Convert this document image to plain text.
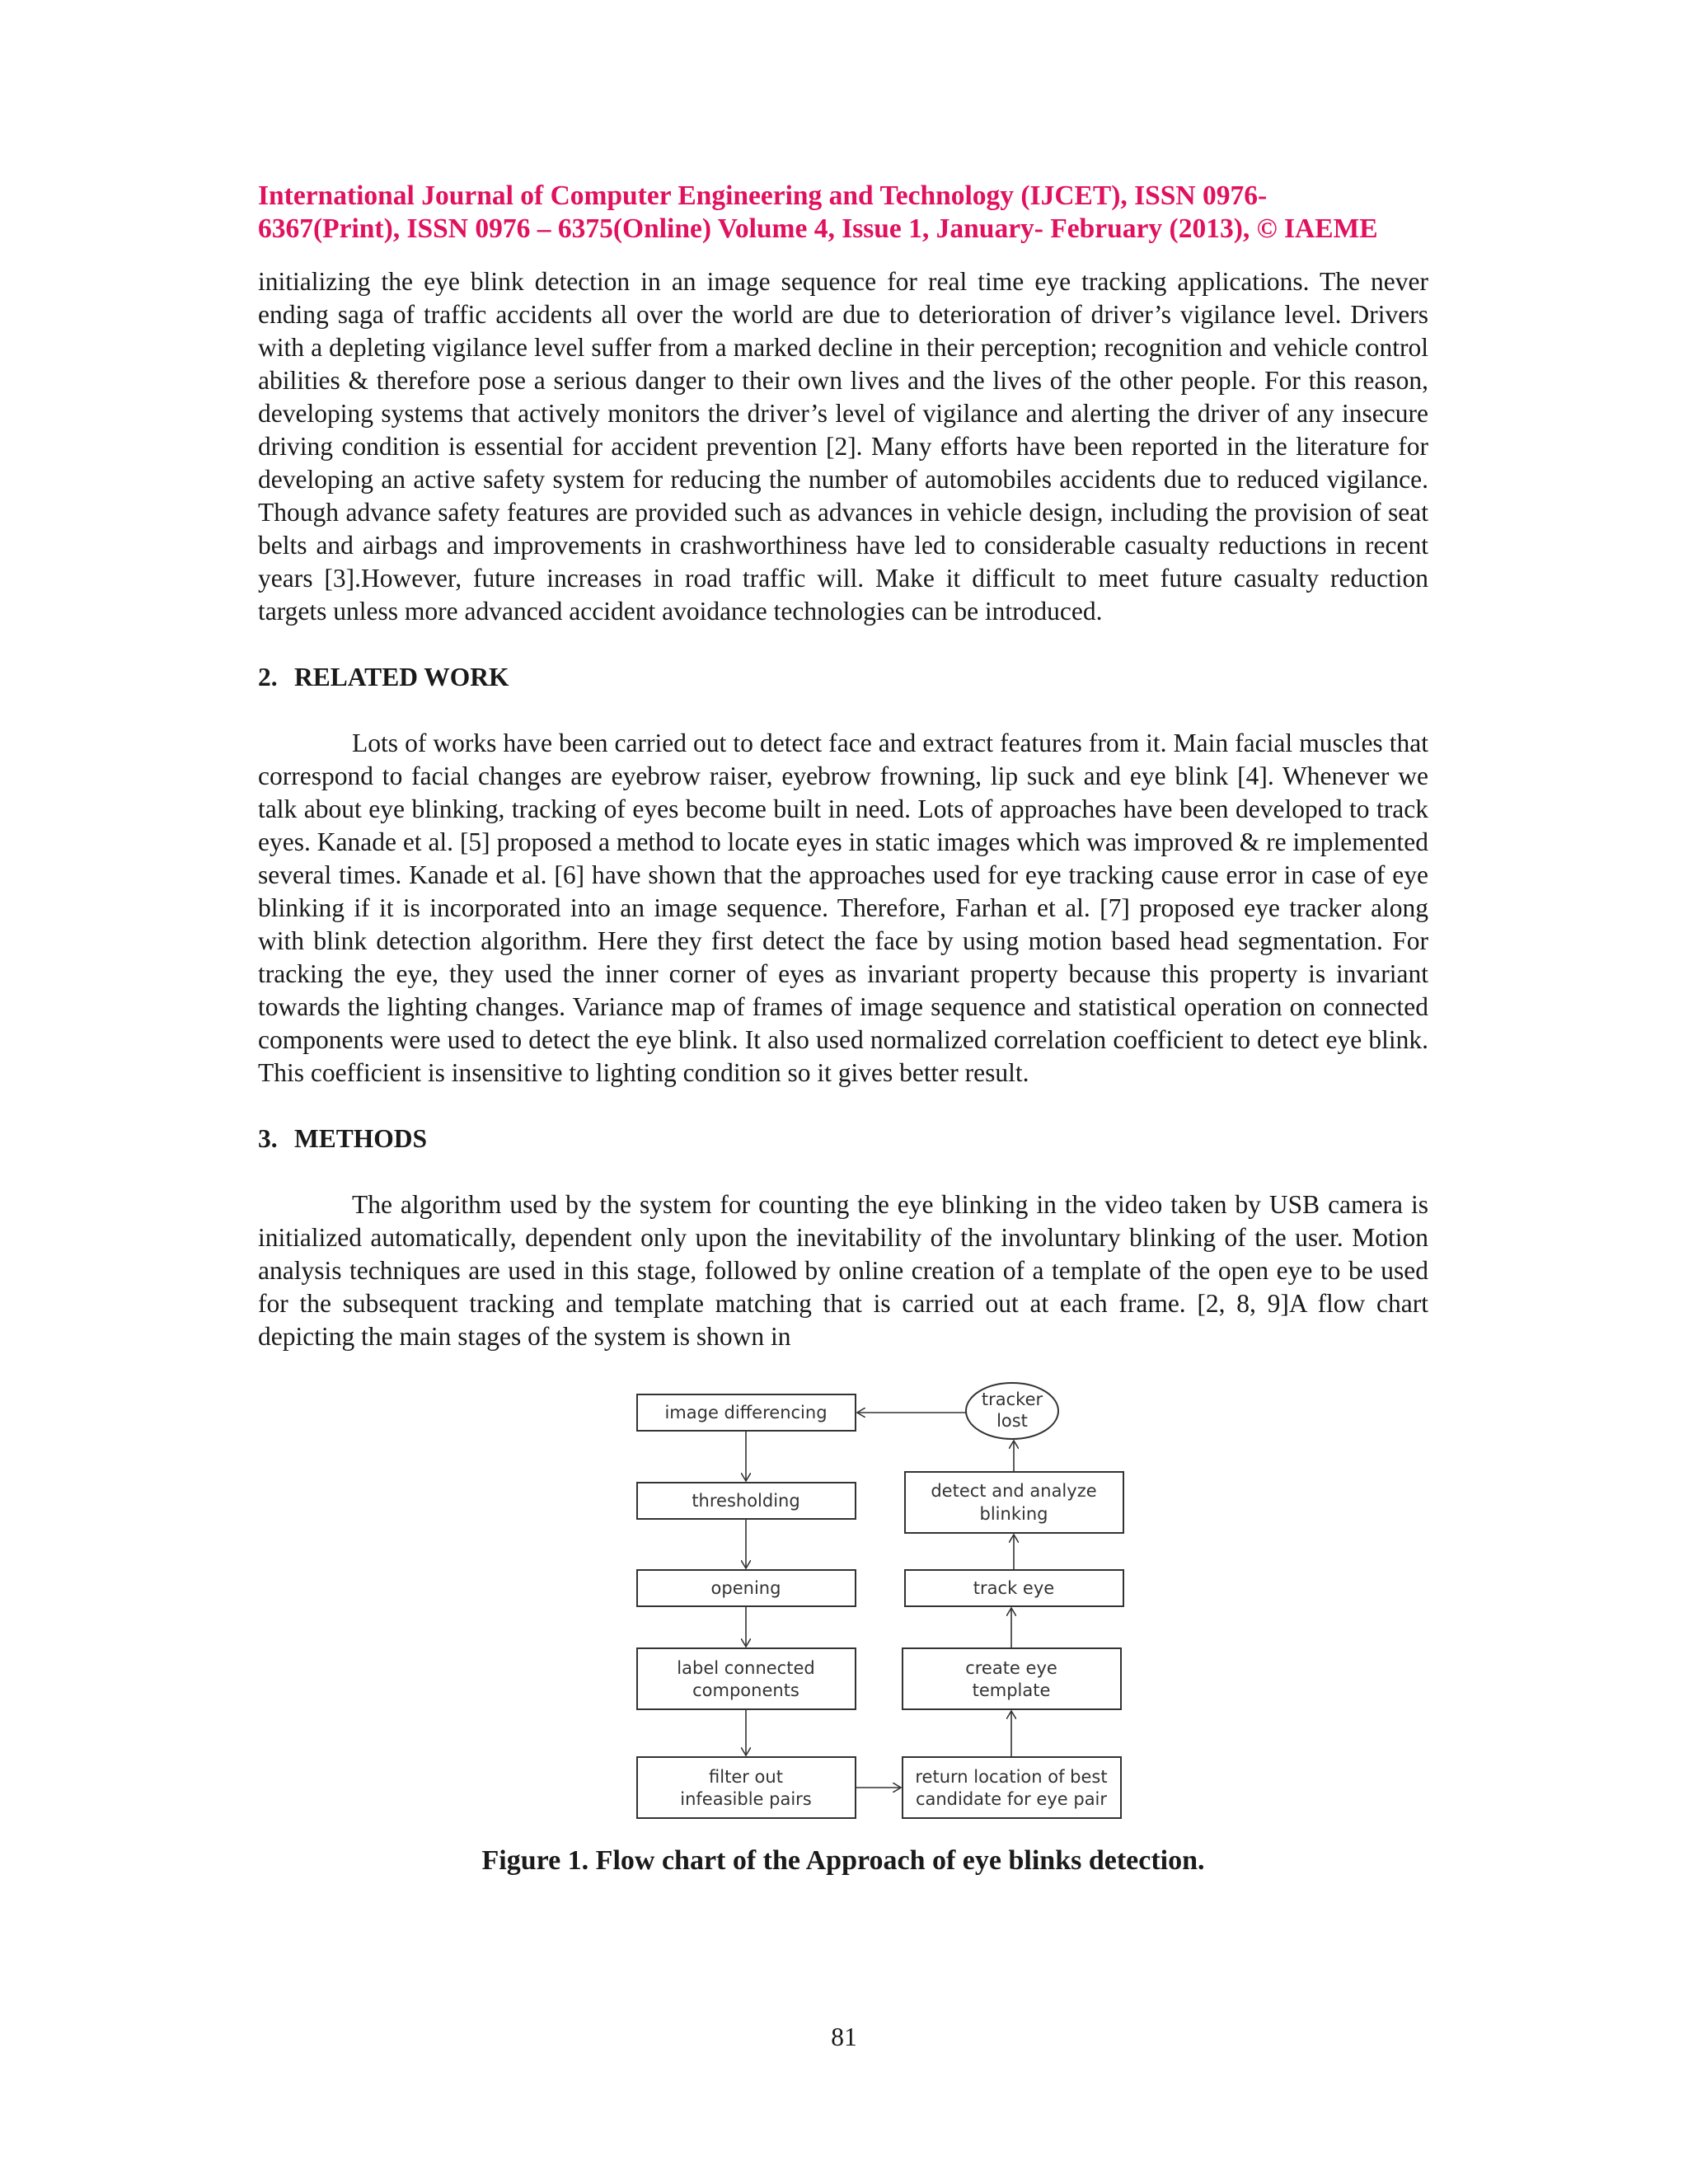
International Journal of Computer Engineering and Technology (IJCET), ISSN 0976-
6367(Print), ISSN 0976 – 6375(Online) Volume 4, Issue 1, January- February (2013), © IAEME

initializing the eye blink detection in an image sequence for real time eye tracking applications. The never ending saga of traffic accidents all over the world are due to deterioration of driver’s vigilance level. Drivers with a depleting vigilance level suffer from a marked decline in their perception; recognition and vehicle control abilities & therefore pose a serious danger to their own lives and the lives of the other people. For this reason, developing systems that actively monitors the driver’s level of vigilance and alerting the driver of any insecure driving condition is essential for accident prevention [2]. Many efforts have been reported in the literature for developing an active safety system for reducing the number of automobiles accidents due to reduced vigilance. Though advance safety features are provided such as advances in vehicle design, including the provision of seat belts and airbags and improvements in crashworthiness have led to considerable casualty reductions in recent years [3].However, future increases in road traffic will. Make it difficult to meet future casualty reduction targets unless more advanced accident avoidance technologies can be introduced.

2. RELATED WORK

Lots of works have been carried out to detect face and extract features from it. Main facial muscles that correspond to facial changes are eyebrow raiser, eyebrow frowning, lip suck and eye blink [4]. Whenever we talk about eye blinking, tracking of eyes become built in need. Lots of approaches have been developed to track eyes. Kanade et al. [5] proposed a method to locate eyes in static images which was improved & re implemented several times. Kanade et al. [6] have shown that the approaches used for eye tracking cause error in case of eye blinking if it is incorporated into an image sequence. Therefore, Farhan et al. [7] proposed eye tracker along with blink detection algorithm. Here they first detect the face by using motion based head segmentation. For tracking the eye, they used the inner corner of eyes as invariant property because this property is invariant towards the lighting changes. Variance map of frames of image sequence and statistical operation on connected components were used to detect the eye blink. It also used normalized correlation coefficient to detect eye blink. This coefficient is insensitive to lighting condition so it gives better result.

3. METHODS

The algorithm used by the system for counting the eye blinking in the video taken by USB camera is initialized automatically, dependent only upon the inevitability of the involuntary blinking of the user. Motion analysis techniques are used in this stage, followed by online creation of a template of the open eye to be used for the subsequent tracking and template matching that is carried out at each frame. [2, 8, 9]A flow chart depicting the main stages of the system is shown in

image differencing
thresholding
opening
label connected
components
filter out
infeasible pairs
tracker
lost
detect and analyze
blinking
track eye
create eye
template
return location of best
candidate for eye pair
Figure 1. Flow chart of the Approach of eye blinks detection.
81
